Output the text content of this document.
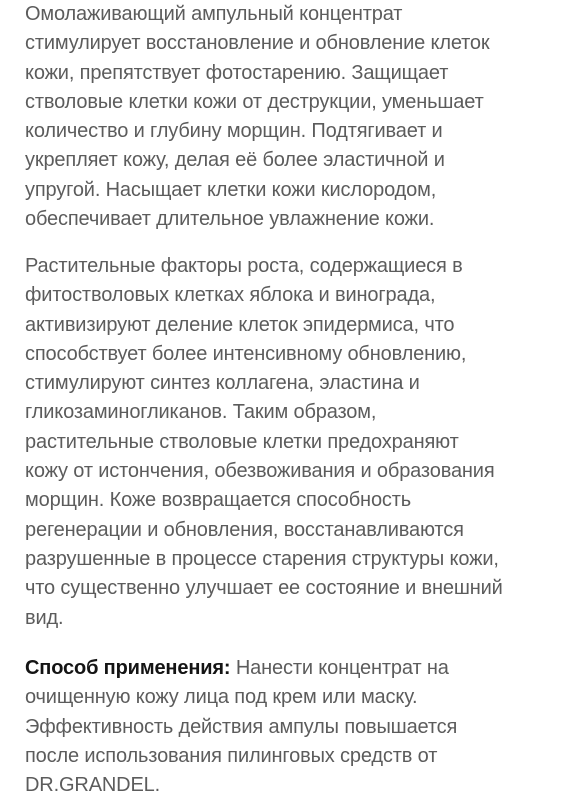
Омолаживающий ампульный концентрат
стимулирует восстановление и обновление клеток
кожи, препятствует фотостарению. Защищает
стволовые клетки кожи от деструкции, уменьшает
количество и глубину морщин. Подтягивает и
укрепляет кожу, делая её более эластичной и
упругой. Насыщает клетки кожи кислородом,
обеспечивает длительное увлажнение кожи.

Растительные факторы роста, содержащиеся в
фитостволовых клетках яблока и винограда,
активизируют деление клеток эпидермиса, что
способствует более интенсивному обновлению,
стимулируют синтез коллагена, эластина и
гликозаминогликанов. Таким образом,
растительные стволовые клетки предохраняют
кожу от истончения, обезвоживания и образования
морщин. Коже возвращается способность
регенерации и обновления, восстанавливаются
разрушенные в процессе старения структуры кожи,
что существенно улучшает ее состояние и внешний
вид.

Способ применения: Нанести концентрат на
очищенную кожу лица под крем или маску.
Эффективность действия ампулы повышается
после использования пилинговых средств от
DR.GRANDEL.
